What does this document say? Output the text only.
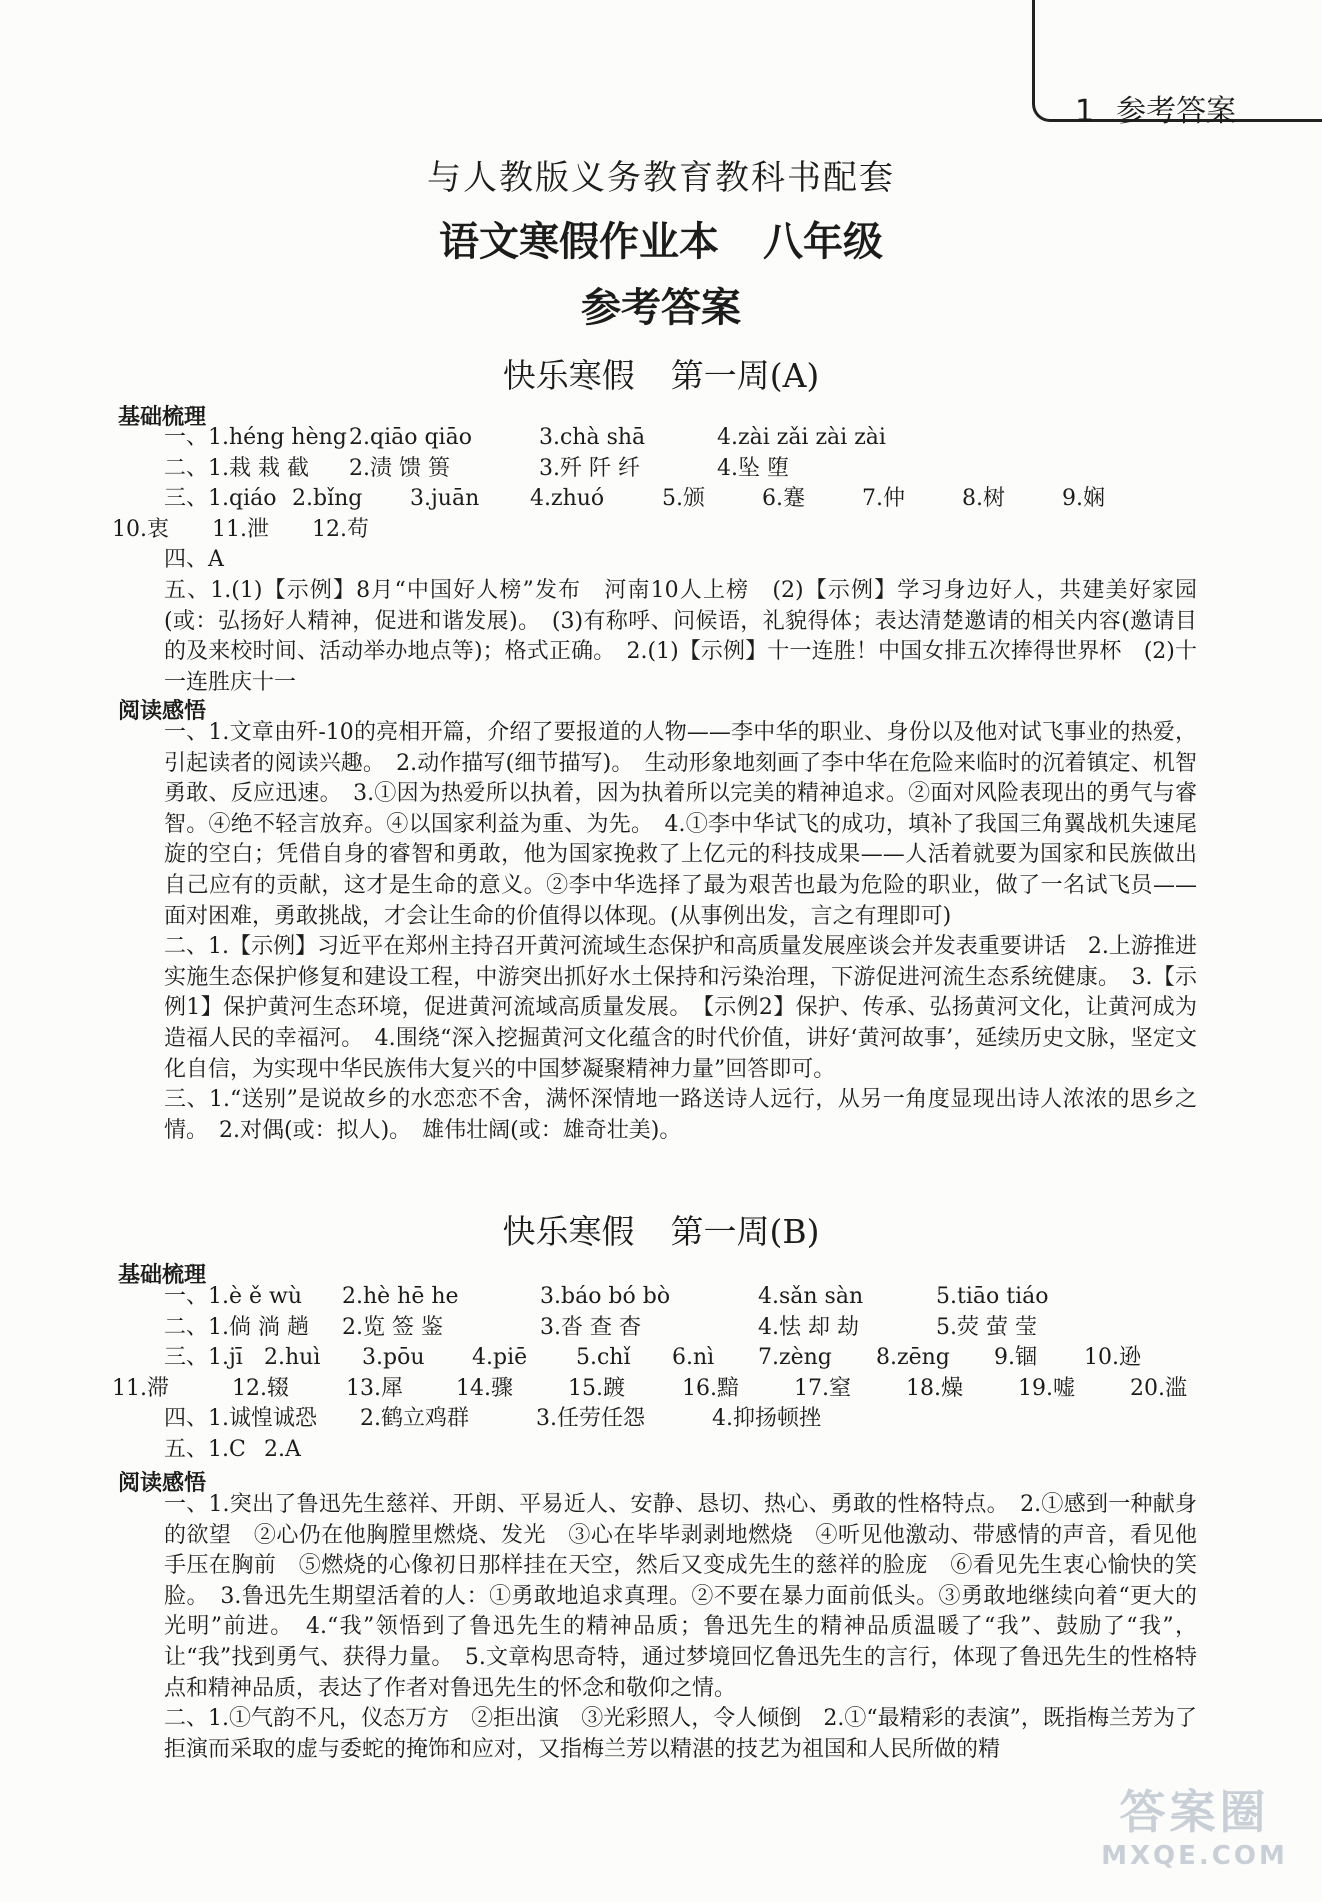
1 参考答案
与人教版义务教育教科书配套
语文寒假作业本 八年级
参考答案
快乐寒假 第一周(A)
基础梳理

一、1.héng hèng2.qiāo qiāo	3.chà shā	4.zài zǎi zài zài

二、1.栽 栽 截 2.渍 馈 篑	3.歼 阡 纤	4.坠 堕

三、1.qiáo 2.bǐng 3.juān 4.zhuó	5.颁	6.蹇	7.仲	8.树	9.娴

10.衷 11.泄 12.苟

四、A

五、1.(1)【示例】8月“中国好人榜”发布　河南10人上榜　(2)【示例】学习身边好人，共建美好家园(或：弘扬好人精神，促进和谐发展)。　(3)有称呼、问候语，礼貌得体；表达清楚邀请的相关内容(邀请目的及来校时间、活动举办地点等)；格式正确。　2.(1)【示例】十一连胜！中国女排五次捧得世界杯　(2)十一连胜庆十一

阅读感悟

一、1.文章由歼-10的亮相开篇，介绍了要报道的人物——李中华的职业、身份以及他对试飞事业的热爱，引起读者的阅读兴趣。　2.动作描写(细节描写)。　生动形象地刻画了李中华在危险来临时的沉着镇定、机智勇敢、反应迅速。　3.①因为热爱所以执着，因为执着所以完美的精神追求。②面对风险表现出的勇气与睿智。④绝不轻言放弃。④以国家利益为重、为先。　4.①李中华试飞的成功，填补了我国三角翼战机失速尾旋的空白；凭借自身的睿智和勇敢，他为国家挽救了上亿元的科技成果——人活着就要为国家和民族做出自己应有的贡献，这才是生命的意义。②李中华选择了最为艰苦也最为危险的职业，做了一名试飞员——面对困难，勇敢挑战，才会让生命的价值得以体现。(从事例出发，言之有理即可)

二、1.【示例】习近平在郑州主持召开黄河流域生态保护和高质量发展座谈会并发表重要讲话　2.上游推进实施生态保护修复和建设工程，中游突出抓好水土保持和污染治理，下游促进河流生态系统健康。　3.【示例1】保护黄河生态环境，促进黄河流域高质量发展。　【示例2】保护、传承、弘扬黄河文化，让黄河成为造福人民的幸福河。　4.围绕“深入挖掘黄河文化蕴含的时代价值，讲好‘黄河故事’，延续历史文脉，坚定文化自信，为实现中华民族伟大复兴的中国梦凝聚精神力量”回答即可。

三、1.“送别”是说故乡的水恋恋不舍，满怀深情地一路送诗人远行，从另一角度显现出诗人浓浓的思乡之情。　2.对偶(或：拟人)。　雄伟壮阔(或：雄奇壮美)。

快乐寒假 第一周(B)
基础梳理

一、1.è ě wù 2.hè hē he	3.báo bó bò	4.sǎn sàn	5.tiāo tiáo

二、1.倘 淌 趟 2.览 签 鉴	3.沓 查 杳	4.怯 却 劫	5.荧 萤 莹

三、1.jī 2.huì 3.pōu 4.piē 5.chǐ 6.nì 7.zèng 8.zēng 9.锢 10.逊

11.滞	12.辍	13.犀 14.骤	15.踱	16.黯	17.窒	18.燥	19.嘘	20.滥

四、1.诚惶诚恐 2.鹤立鸡群	3.任劳任怨	4.抑扬顿挫

五、1.C 2.A

阅读感悟

一、1.突出了鲁迅先生慈祥、开朗、平易近人、安静、恳切、热心、勇敢的性格特点。　2.①感到一种献身的欲望　②心仍在他胸膛里燃烧、发光　③心在毕毕剥剥地燃烧　④听见他激动、带感情的声音，看见他手压在胸前　⑤燃烧的心像初日那样挂在天空，然后又变成先生的慈祥的脸庞　⑥看见先生衷心愉快的笑脸。　3.鲁迅先生期望活着的人：①勇敢地追求真理。②不要在暴力面前低头。③勇敢地继续向着“更大的光明”前进。　4.“我”领悟到了鲁迅先生的精神品质；鲁迅先生的精神品质温暖了“我”、鼓励了“我”，让“我”找到勇气、获得力量。　5.文章构思奇特，通过梦境回忆鲁迅先生的言行，体现了鲁迅先生的性格特点和精神品质，表达了作者对鲁迅先生的怀念和敬仰之情。

二、1.①气韵不凡，仪态万方　②拒出演　③光彩照人，令人倾倒　2.①“最精彩的表演”，既指梅兰芳为了拒演而采取的虚与委蛇的掩饰和应对，又指梅兰芳以精湛的技艺为祖国和人民所做的精

答案圈
MXQE.COM
